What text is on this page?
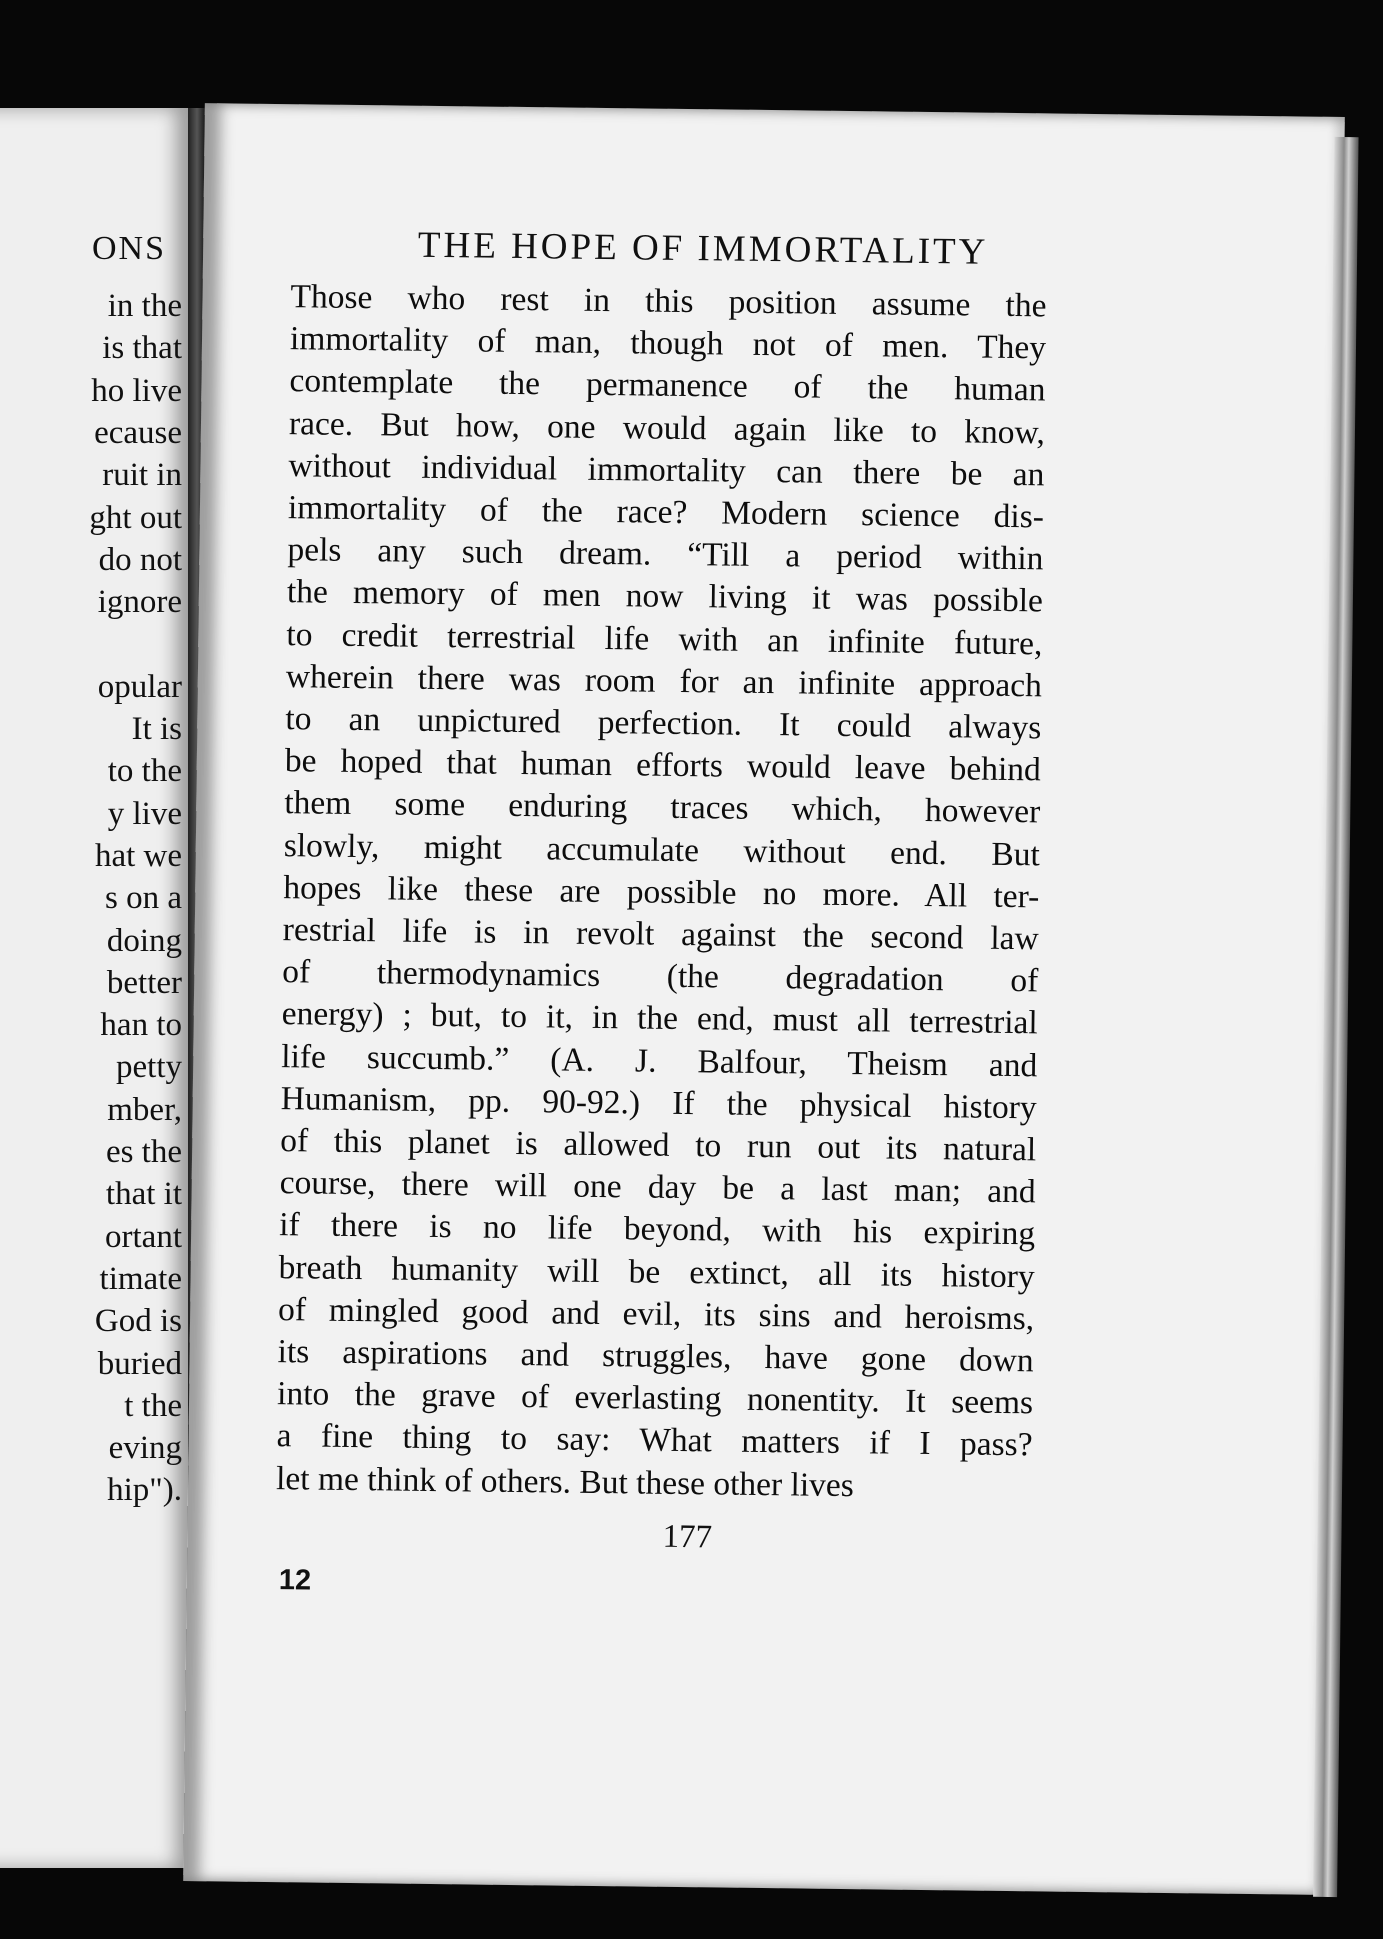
ONS
in the
is that
ho live
ecause
ruit in
ght out
do not
ignore
opular
It is
to the
y live
hat we
s on a
doing
better
han to
petty
mber,
es the
that it
ortant
timate
God is
buried
t the
eving
hip").
THE HOPE OF IMMORTALITY
Those who rest in this position assume the
immortality of man, though not of men. They
contemplate the permanence of the human
race. But how, one would again like to know,
without individual immortality can there be an
immortality of the race? Modern science dis-
pels any such dream. “Till a period within
the memory of men now living it was possible
to credit terrestrial life with an infinite future,
wherein there was room for an infinite approach
to an unpictured perfection. It could always
be hoped that human efforts would leave behind
them some enduring traces which, however
slowly, might accumulate without end. But
hopes like these are possible no more. All ter-
restrial life is in revolt against the second law
of thermodynamics (the degradation of
energy) ; but, to it, in the end, must all terrestrial
life succumb.” (A. J. Balfour, Theism and
Humanism, pp. 90-92.) If the physical history
of this planet is allowed to run out its natural
course, there will one day be a last man; and
if there is no life beyond, with his expiring
breath humanity will be extinct, all its history
of mingled good and evil, its sins and heroisms,
its aspirations and struggles, have gone down
into the grave of everlasting nonentity. It seems
a fine thing to say: What matters if I pass?
let me think of others. But these other lives
177
12
